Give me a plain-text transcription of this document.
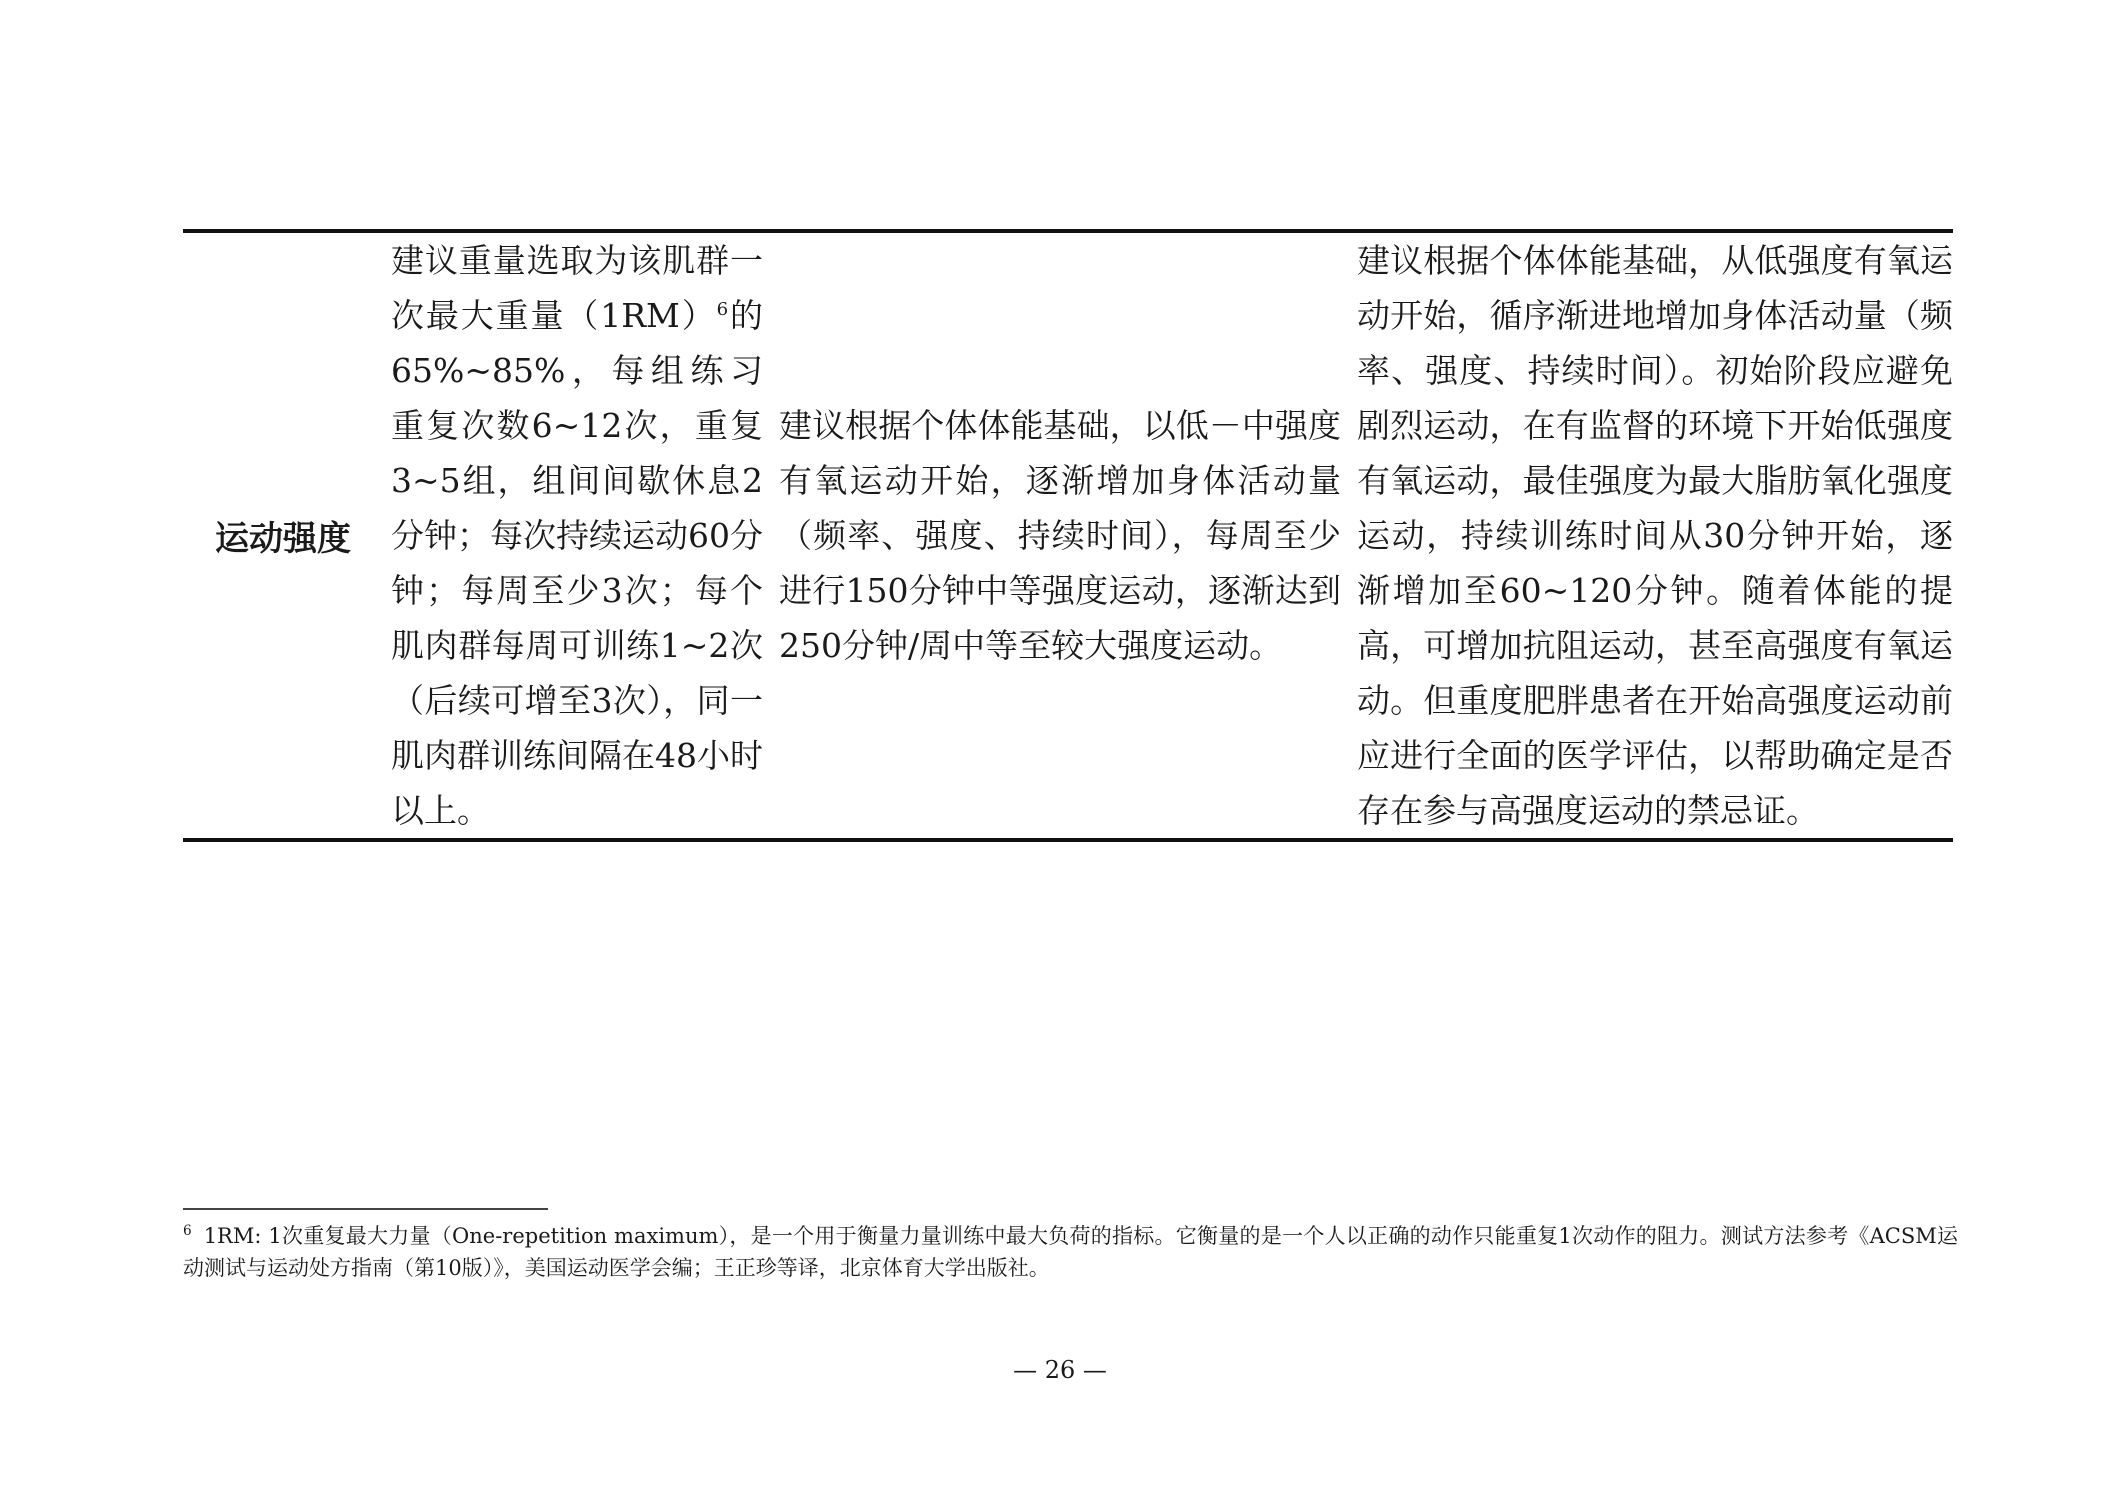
运动强度
建议重量选取为该肌群一次最大重量$(1RM)^6$的65%~85%，每组练习重复次数6~12次，重复3~5组，组间间歇休息2分钟；每次持续运动60分钟；每周至少3次；每个肌肉群每周可训练1~2次（后续可增至3次），同一肌肉群训练间隔在48小时以上。
建议根据个体体能基础，以低－中强度有氧运动开始，逐渐增加身体活动量（频率、强度、持续时间），每周至少进行150分钟中等强度运动，逐渐达到250分钟/周中等至较大强度运动。

建议根据个体体能基础，从低强度有氧运动开始，循序渐进地增加身体活动量（频率、强度、持续时间）。初始阶段应避免剧烈运动，在有监督的环境下开始低强度有氧运动，最佳强度为最大脂肪氧化强度运动，持续训练时间从30分钟开始，逐渐增加至60~120分钟。随着体能的提高，可增加抗阻运动，甚至高强度有氧运动。但重度肥胖患者在开始高强度运动前应进行全面的医学评估，以帮助确定是否存在参与高强度运动的禁忌证。

$^6$ 1RM: 1次重复最大力量（One-repetition maximum），是一个用于衡量力量训练中最大负荷的指标。它衡量的是一个人以正确的动作只能重复1次动作的阻力。测试方法参考《ACSM运动测试与运动处方指南（第10版）》，美国运动医学会编；王正珍等译，北京体育大学出版社。
— 26 —
